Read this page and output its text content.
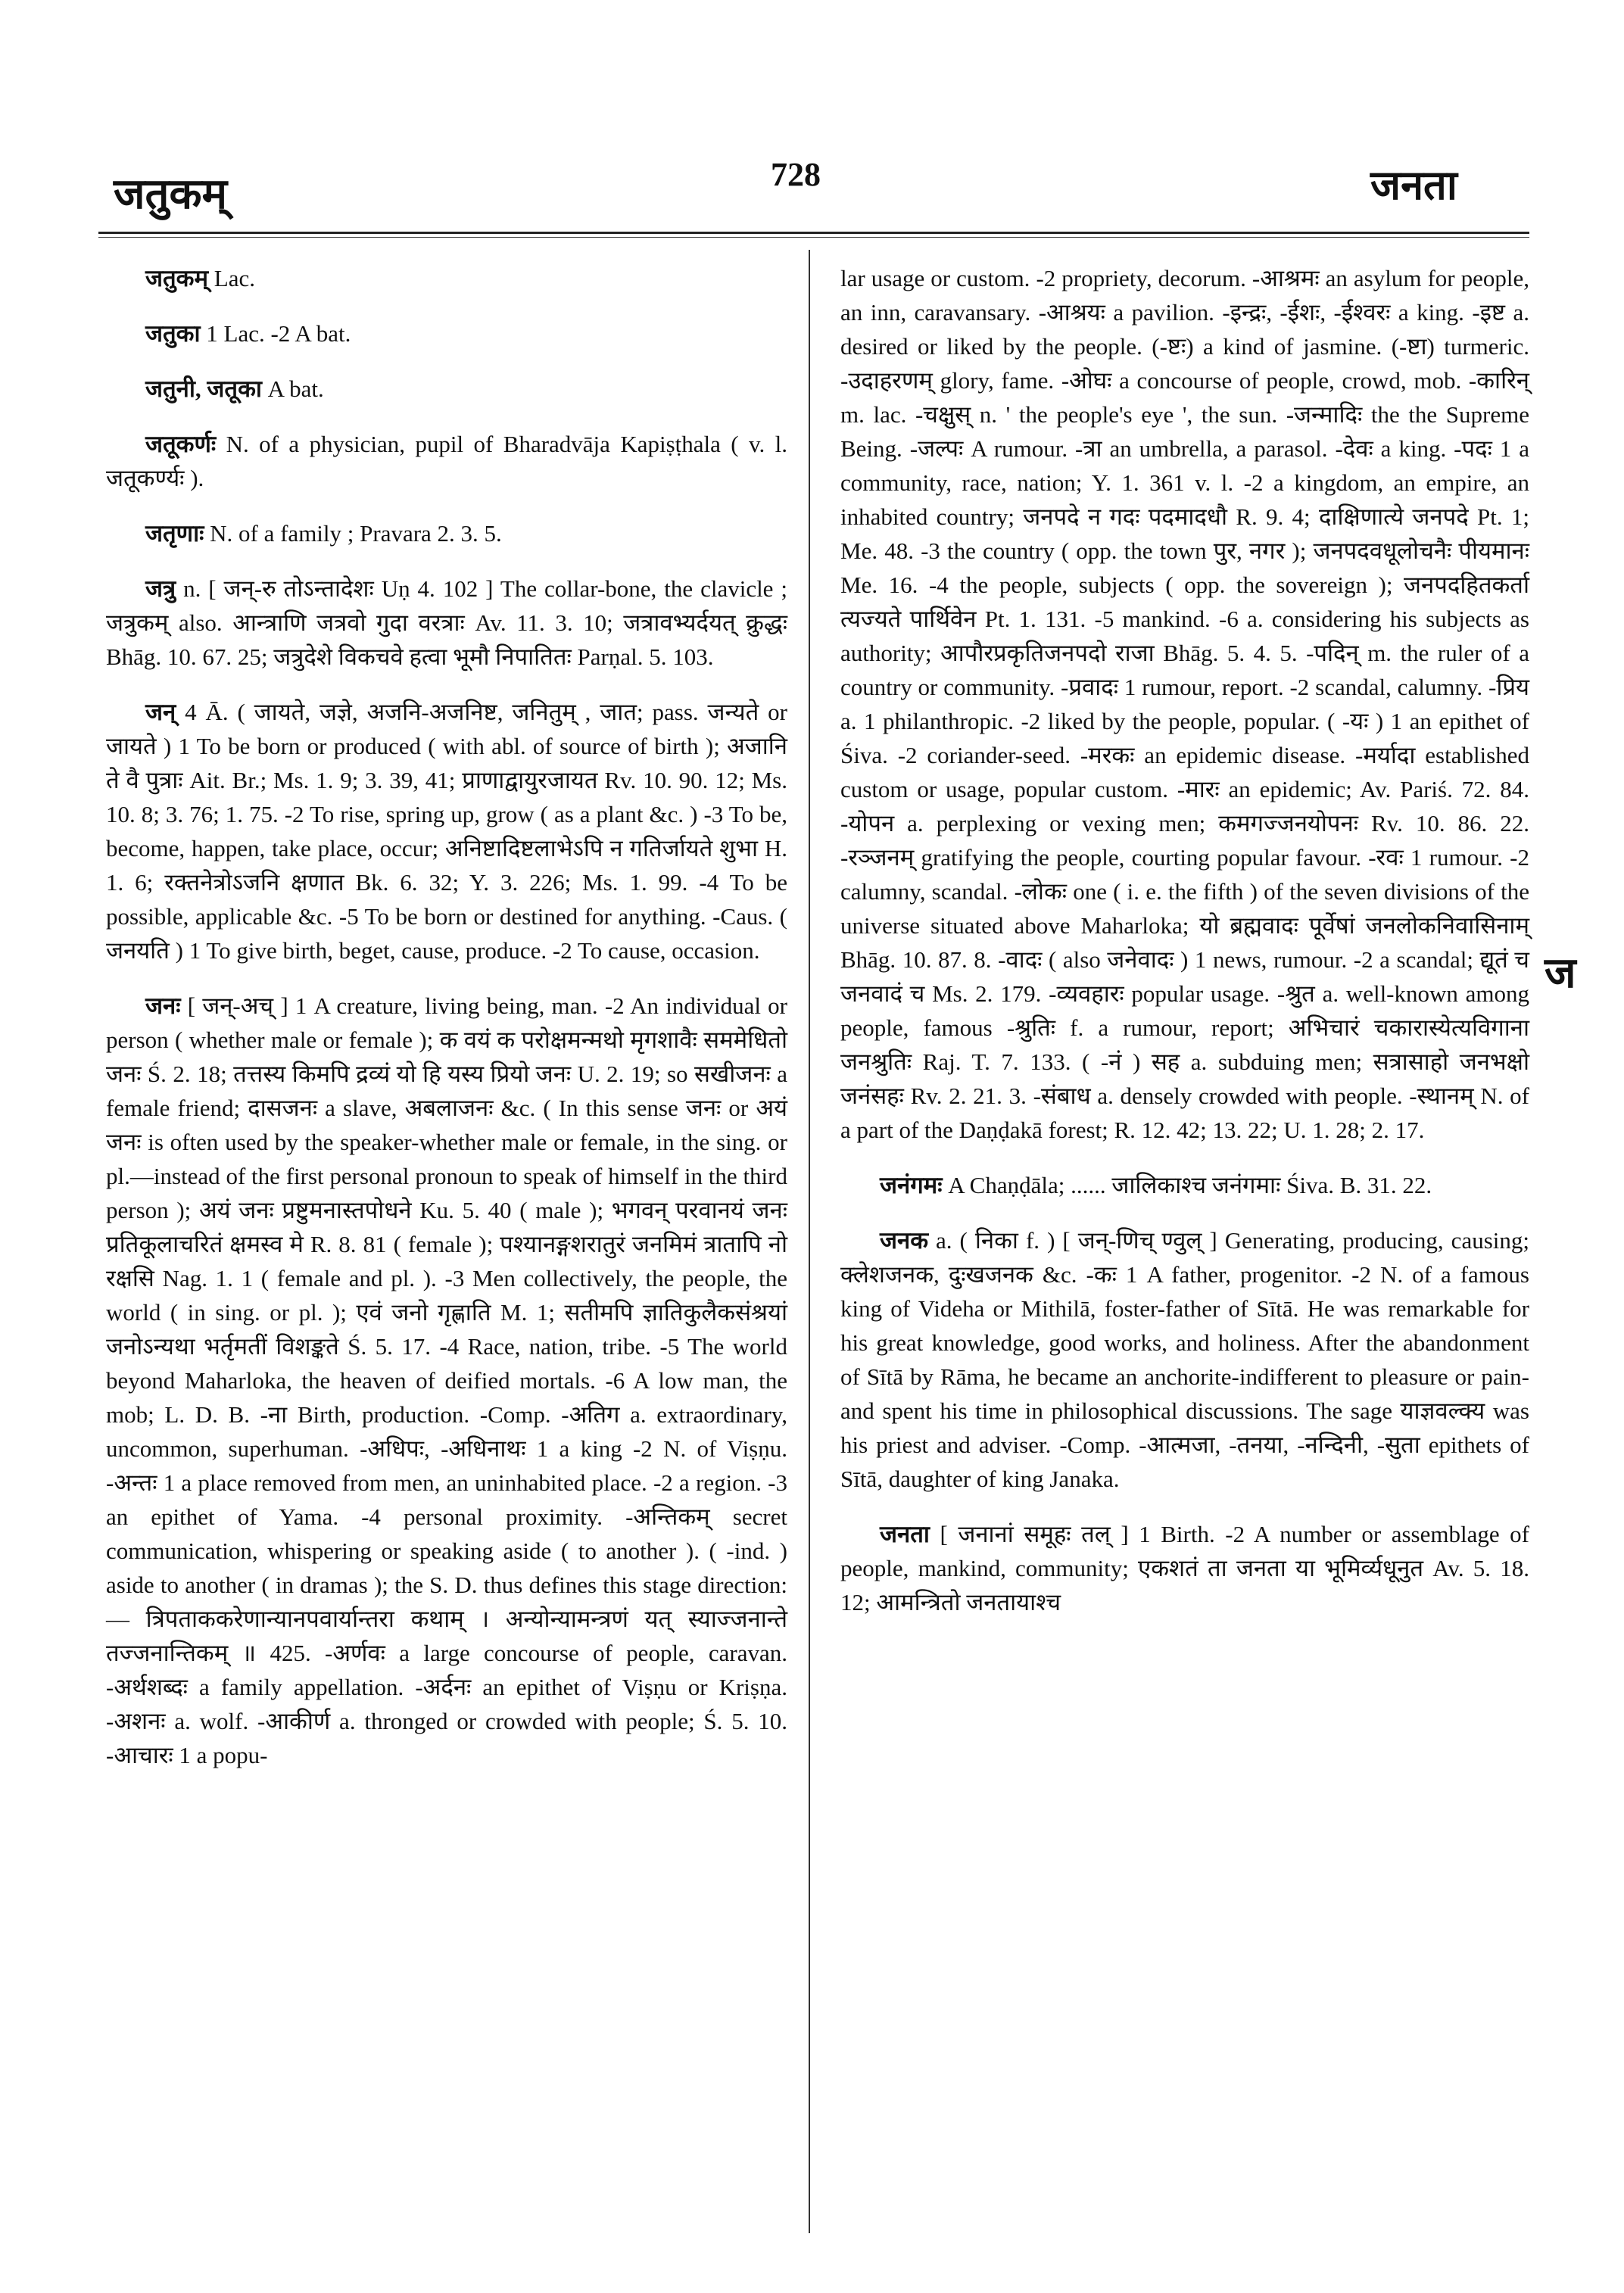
जतुकम्	728	जनता
ज

जतुकम् Lac.

जतुका 1 Lac. -2 A bat.

जतुनी, जतूका A bat.

जतूकर्णः N. of a physician, pupil of Bharadvāja Kapiṣṭhala ( v. l. जतूकर्ण्यः ).

जतृणाः N. of a family ; Pravara 2. 3. 5.

जत्रु n. [ जन्-रु तोऽन्तादेशः Uṇ 4. 102 ] The collar-bone, the clavicle ; जत्रुकम् also. आन्त्राणि जत्रवो गुदा वरत्राः Av. 11. 3. 10; जत्रावभ्यर्दयत् क्रुद्धः Bhāg. 10. 67. 25; जत्रुदेशे विकचवे हत्वा भूमौ निपातितः Parṇal. 5. 103.

जन् 4 Ā. ( जायते, जज्ञे, अजनि-अजनिष्ट, जनितुम् , जात; pass. जन्यते or जायते ) 1 To be born or produced ( with abl. of source of birth ); अजानि ते वै पुत्राः Ait. Br.; Ms. 1. 9; 3. 39, 41; प्राणाद्वायुरजायत Rv. 10. 90. 12; Ms. 10. 8; 3. 76; 1. 75. -2 To rise, spring up, grow ( as a plant &c. ) -3 To be, become, happen, take place, occur; अनिष्टादिष्टलाभेऽपि न गतिर्जायते शुभा H. 1. 6; रक्तनेत्रोऽजनि क्षणात Bk. 6. 32; Y. 3. 226; Ms. 1. 99. -4 To be possible, applicable &c. -5 To be born or destined for anything. -Caus. ( जनयति ) 1 To give birth, beget, cause, produce. -2 To cause, occasion.

जनः [ जन्-अच् ] 1 A creature, living being, man. -2 An individual or person ( whether male or female ); क वयं क परोक्षमन्मथो मृगशावैः सममेधितो जनः Ś. 2. 18; तत्तस्य किमपि द्रव्यं यो हि यस्य प्रियो जनः U. 2. 19; so सखीजनः a female friend; दासजनः a slave, अबलाजनः &c. ( In this sense जनः or अयं जनः is often used by the speaker-whether male or female, in the sing. or pl.—instead of the first personal pronoun to speak of himself in the third person ); अयं जनः प्रष्टुमनास्तपोधने Ku. 5. 40 ( male ); भगवन् परवानयं जनः प्रतिकूलाचरितं क्षमस्व मे R. 8. 81 ( female ); पश्यानङ्गशरातुरं जनमिमं त्रातापि नो रक्षसि Nag. 1. 1 ( female and pl. ). -3 Men collectively, the people, the world ( in sing. or pl. ); एवं जनो गृह्णाति M. 1; सतीमपि ज्ञातिकुलैकसंश्रयां जनोऽन्यथा भर्तृमतीं विशङ्कते Ś. 5. 17. -4 Race, nation, tribe. -5 The world beyond Maharloka, the heaven of deified mortals. -6 A low man, the mob; L. D. B. -ना Birth, production. -Comp. -अतिग a. extraordinary, uncommon, superhuman. -अधिपः, -अधिनाथः 1 a king -2 N. of Viṣṇu. -अन्तः 1 a place removed from men, an uninhabited place. -2 a region. -3 an epithet of Yama. -4 personal proximity. -अन्तिकम् secret communication, whispering or speaking aside ( to another ). ( -ind. ) aside to another ( in dramas ); the S. D. thus defines this stage direction:— त्रिपताककरेणान्यानपवार्यान्तरा कथाम् । अन्योन्यामन्त्रणं यत् स्याज्जनान्ते तज्जनान्तिकम् ॥ 425. -अर्णवः a large concourse of people, caravan. -अर्थशब्दः a family appellation. -अर्दनः an epithet of Viṣṇu or Kriṣṇa. -अशनः a. wolf. -आकीर्ण a. thronged or crowded with people; Ś. 5. 10. -आचारः 1 a popu-

lar usage or custom. -2 propriety, decorum. -आश्रमः an asylum for people, an inn, caravansary. -आश्रयः a pavilion. -इन्द्रः, -ईशः, -ईश्वरः a king. -इष्ट a. desired or liked by the people. (-ष्टः) a kind of jasmine. (-ष्टा) turmeric. -उदाहरणम् glory, fame. -ओघः a concourse of people, crowd, mob. -कारिन् m. lac. -चक्षुस् n. ' the people's eye ', the sun. -जन्मादिः the the Supreme Being. -जल्पः A rumour. -त्रा an umbrella, a parasol. -देवः a king. -पदः 1 a community, race, nation; Y. 1. 361 v. l. -2 a kingdom, an empire, an inhabited country; जनपदे न गदः पदमादधौ R. 9. 4; दाक्षिणात्ये जनपदे Pt. 1; Me. 48. -3 the country ( opp. the town पुर, नगर ); जनपदवधूलोचनैः पीयमानः Me. 16. -4 the people, subjects ( opp. the sovereign ); जनपदहितकर्ता त्यज्यते पार्थिवेन Pt. 1. 131. -5 mankind. -6 a. considering his subjects as authority; आपौरप्रकृतिजनपदो राजा Bhāg. 5. 4. 5. -पदिन् m. the ruler of a country or community. -प्रवादः 1 rumour, report. -2 scandal, calumny. -प्रिय a. 1 philanthropic. -2 liked by the people, popular. ( -यः ) 1 an epithet of Śiva. -2 coriander-seed. -मरकः an epidemic disease. -मर्यादा established custom or usage, popular custom. -मारः an epidemic; Av. Pariś. 72. 84. -योपन a. perplexing or vexing men; कमगज्जनयोपनः Rv. 10. 86. 22. -रञ्जनम् gratifying the people, courting popular favour. -रवः 1 rumour. -2 calumny, scandal. -लोकः one ( i. e. the fifth ) of the seven divisions of the universe situated above Maharloka; यो ब्रह्मवादः पूर्वेषां जनलोकनिवासिनाम् Bhāg. 10. 87. 8. -वादः ( also जनेवादः ) 1 news, rumour. -2 a scandal; द्यूतं च जनवादं च Ms. 2. 179. -व्यवहारः popular usage. -श्रुत a. well-known among people, famous -श्रुतिः f. a rumour, report; अभिचारं चकारास्येत्यविगाना जनश्रुतिः Raj. T. 7. 133. ( -नं ) सह a. subduing men; सत्रासाहो जनभक्षो जनंसहः Rv. 2. 21. 3. -संबाध a. densely crowded with people. -स्थानम् N. of a part of the Daṇḍakā forest; R. 12. 42; 13. 22; U. 1. 28; 2. 17.

जनंगमः A Chaṇḍāla; ...... जालिकाश्च जनंगमाः Śiva. B. 31. 22.

जनक a. ( निका f. ) [ जन्-णिच् ण्वुल् ] Generating, producing, causing; क्लेशजनक, दुःखजनक &c. -कः 1 A father, progenitor. -2 N. of a famous king of Videha or Mithilā, foster-father of Sītā. He was remarkable for his great knowledge, good works, and holiness. After the abandonment of Sītā by Rāma, he became an anchorite-indifferent to pleasure or pain-and spent his time in philosophical discussions. The sage याज्ञवल्क्य was his priest and adviser. -Comp. -आत्मजा, -तनया, -नन्दिनी, -सुता epithets of Sītā, daughter of king Janaka.

जनता [ जनानां समूहः तल् ] 1 Birth. -2 A number or assemblage of people, mankind, community; एकशतं ता जनता या भूमिर्व्यधूनुत Av. 5. 18. 12; आमन्त्रितो जनतायाश्च
